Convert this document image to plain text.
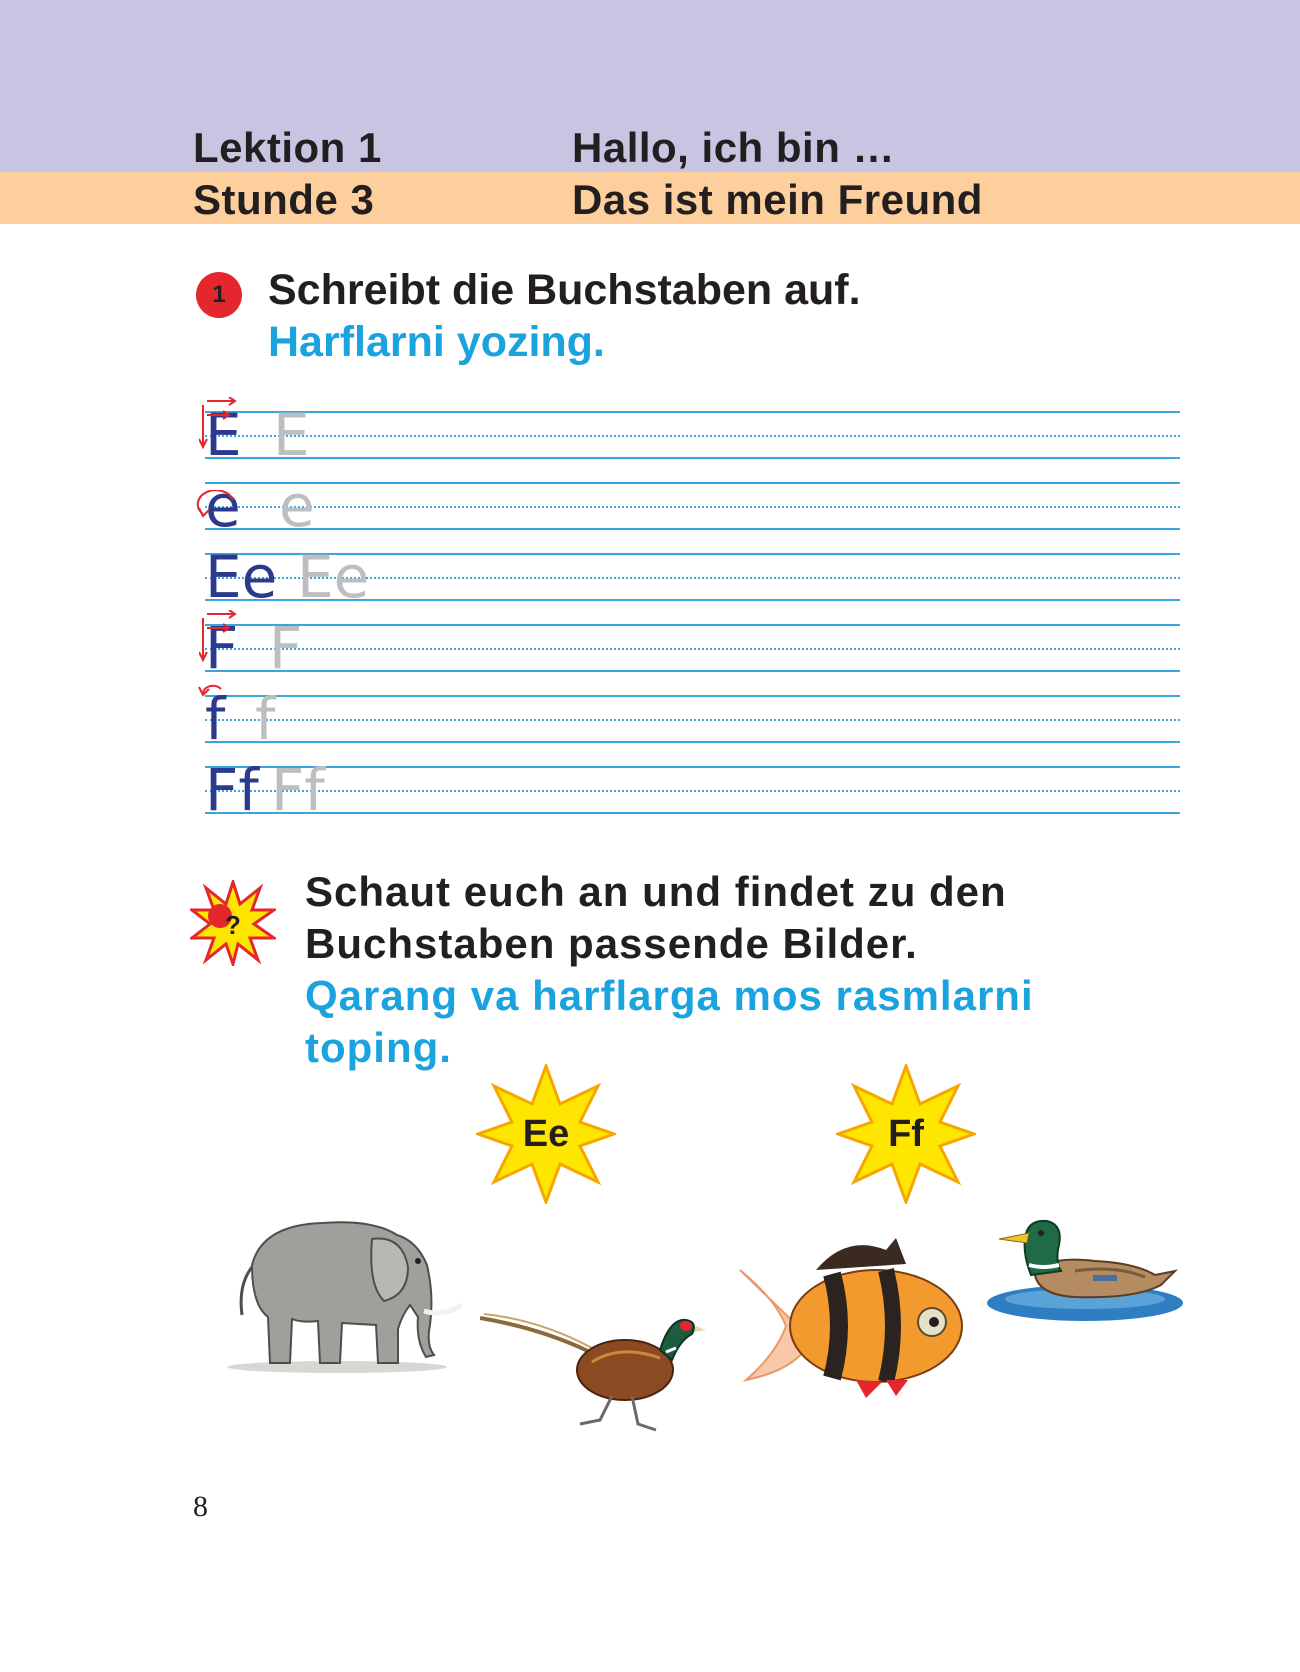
Lektion 1	Hallo, ich bin …
Stunde 3	Das ist mein Freund
1 Schreibt die Buchstaben auf.
Harflarni yozing.
E E
e e
Ee Ee
F F
f f
Ff Ff
?
Schaut euch an und findet zu den
Buchstaben passende Bilder.
Qarang va harflarga mos rasmlarni
toping.
Ee	Ff
8
